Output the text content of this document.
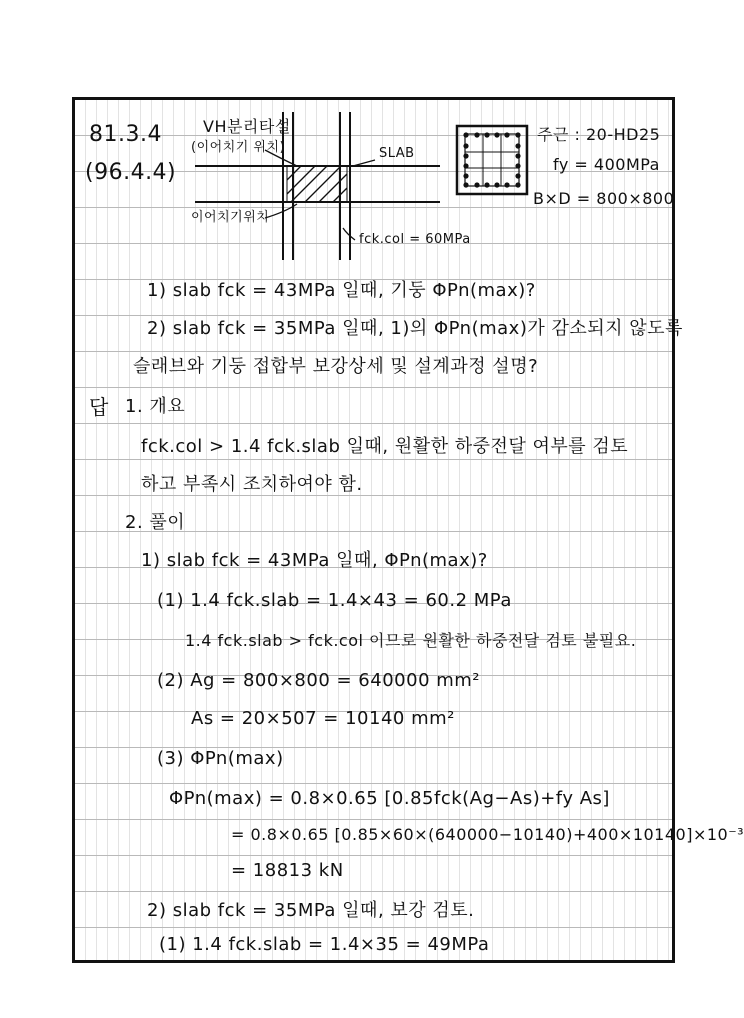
81.3.4
(96.4.4)
VH분리타설
(이어치기 위치)	SLAB
이어치기위치
fck.col = 60MPa
주근 : 20-HD25
fy = 400MPa
B×D = 800×800
1) slab fck = 43MPa 일때, 기둥 ΦPn(max)?
2) slab fck = 35MPa 일때, 1)의 ΦPn(max)가 감소되지 않도록
슬래브와 기둥 접합부 보강상세 및 설계과정 설명?
답 1. 개요
fck.col > 1.4 fck.slab 일때, 원활한 하중전달 여부를 검토
하고 부족시 조치하여야 함.
2. 풀이
1) slab fck = 43MPa 일때, ΦPn(max)?
(1) 1.4 fck.slab = 1.4×43 = 60.2 MPa
1.4 fck.slab > fck.col 이므로 원활한 하중전달 검토 불필요.
(2) Ag = 800×800 = 640000 mm²
As = 20×507 = 10140 mm²
(3) ΦPn(max)
ΦPn(max) = 0.8×0.65 [0.85fck(Ag−As)+fy As]
= 0.8×0.65 [0.85×60×(640000−10140)+400×10140]×10⁻³
= 18813 kN
2) slab fck = 35MPa 일때, 보강 검토.
(1) 1.4 fck.slab = 1.4×35 = 49MPa
